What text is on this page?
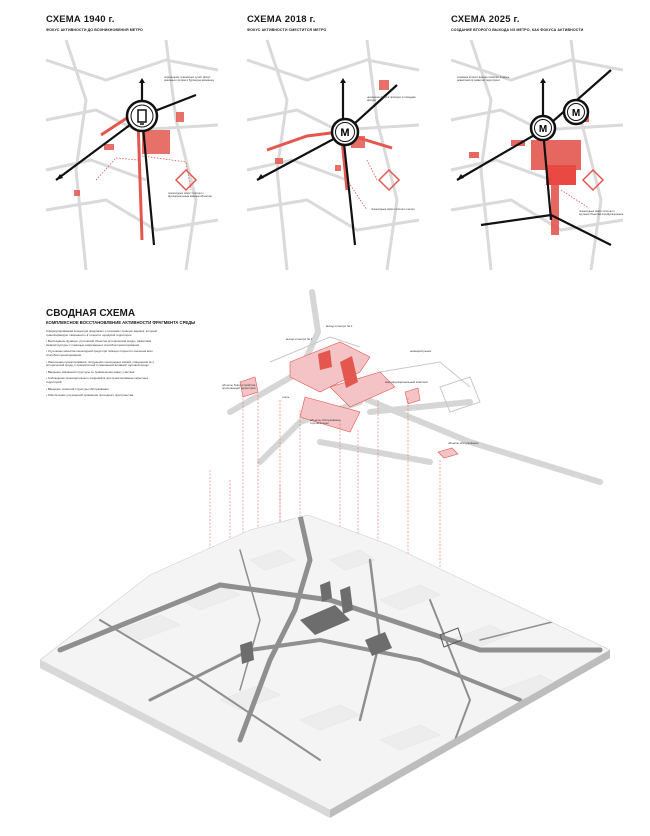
СХЕМА 1940 г.
ФОКУС АКТИВНОСТИ ДО ВОЗНИКНОВЕНИЯ МЕТРО
пересечение транзитных путей, фокус реальных потоков в бурлящую мешанину
пешеходные связи тяготеют к функциональным важным объектам
СХЕМА 2018 г.
ФОКУС АКТИВНОСТИ СМЕСТИТСЯ МЕТРО
М
нечинение фокуса приходит к площадке фокуса
пешеходные связи тяготеют к метро
СХЕМА 2025 г.
СОЗДАНИЕ ВТОРОГО ВЫХОДА ИЗ МЕТРО, КАК ФОКУСА АКТИВНОСТИ
М
М
создание второго выхода позволит создать новый вектор развития территории
пешеходные связи тяготеют к кругным объектам агрофункционала
СВОДНАЯ СХЕМА
КОМПЛЕКСНОЕ ВОССТАНОВЛЕНИЕ АКТИВНОСТИ ФРАГМЕНТА СРЕДЫ

Сформулированная концепция предлагает и сохраняет принцип каркаса, который трансформирует связанность в точности городской территории

• Воссоздание функции, улучшений объектов исторической среды, развитием инфраструктуры с помощью современных способов проектирования

• Улучшение качества пешеходной среди при помощи открытого озеления всех способов проектирования

• Увеличение проектирования, погружения пешеходных связей, повышения их к исторической среде, к приоритетной и смешанной активной торговой среды

• Введение связанной структуры по привлечению новых участков

• Соблюдение проницательного ландшафта при проектировании окрестных территорий

• Введение понятной структуры обслуживания

• Обеспечение улучшенной провинция проходного пространства

выход из метро № 2
выход из метро № 1
немецкий рынок
многофункциональный комплекс
объекты благоустройства прилегающей территории
отель
объекты обслуживания торговой зоны
объекты обслуживания
